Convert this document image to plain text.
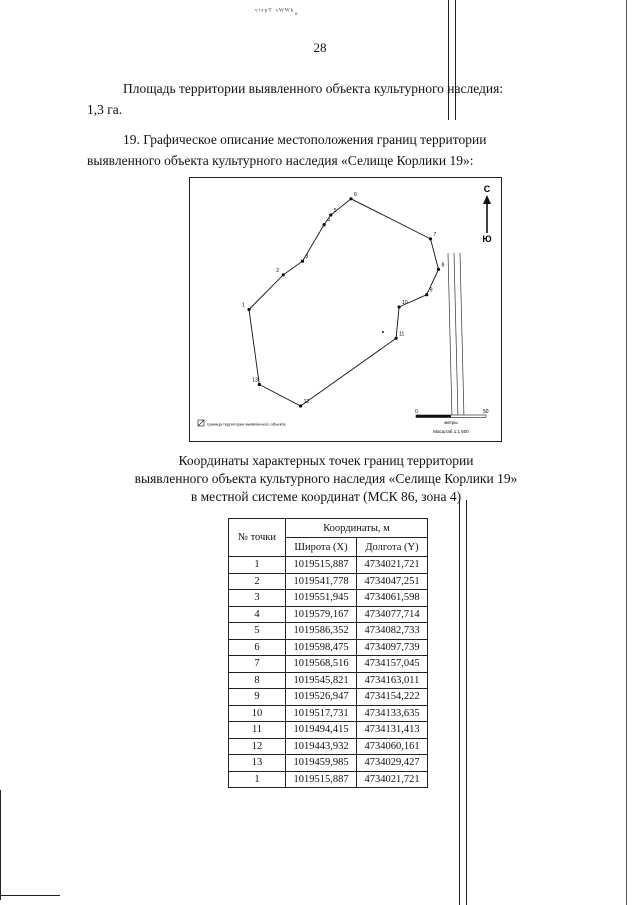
ᵛᶦᶻᵖᵀ ˢᵂᵂᵏᵤ
28
Площадь территории выявленного объекта культурного наследия:
1,3 га.
19. Графическое описание местоположения границ территории
выявленного объекта культурного наследия «Селище Корлики 19»:
1
2
3
4
5
6
7
8
9
10
11
12
13
С
Ю
0	50
метры
Масштаб 1:1 500
граница территории выявленного объекта
Координаты характерных точек границ территории
выявленного объекта культурного наследия «Селище Корлики 19»
в местной системе координат (МСК 86, зона 4)
№ точки	Координаты, м	
	Широта (X)	Долгота (Y)
1	1019515,887	4734021,721
2	1019541,778	4734047,251
3	1019551,945	4734061,598
4	1019579,167	4734077,714
5	1019586,352	4734082,733
6	1019598,475	4734097,739
7	1019568,516	4734157,045
8	1019545,821	4734163,011
9	1019526,947	4734154,222
10	1019517,731	4734133,635
11	1019494,415	4734131,413
12	1019443,932	4734060,161
13	1019459,985	4734029,427
1	1019515,887	4734021,721
